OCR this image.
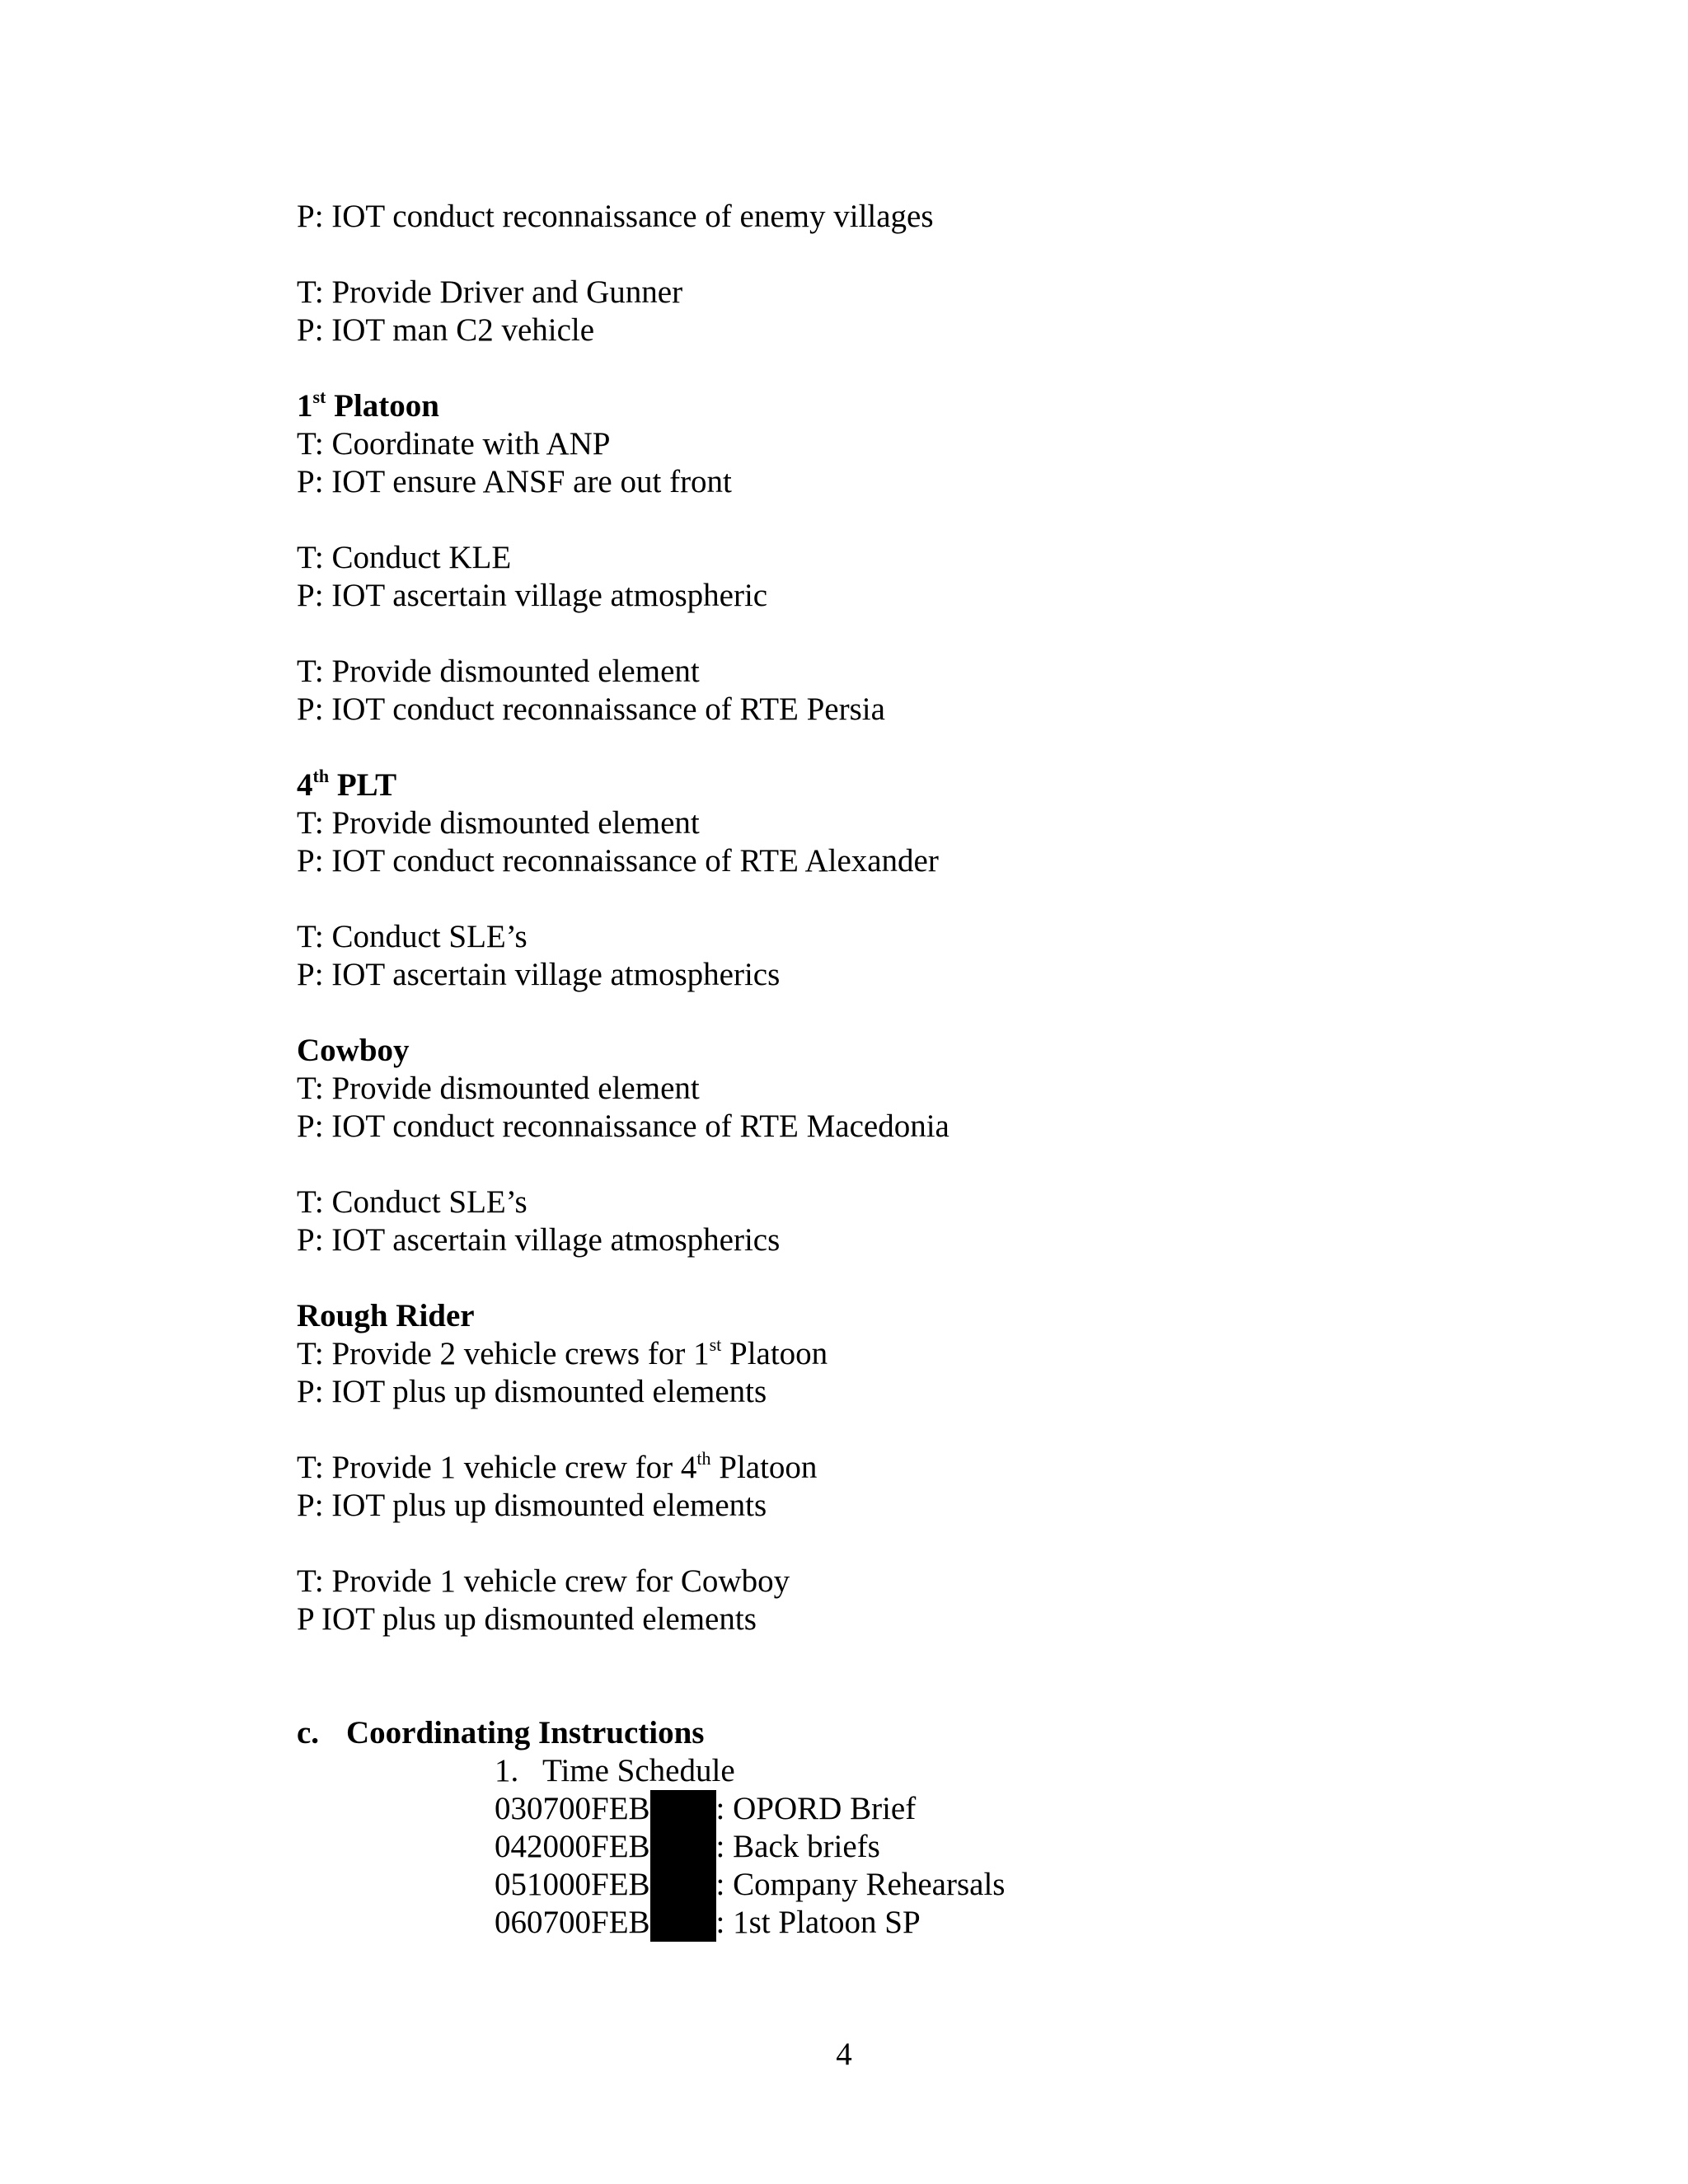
P: IOT conduct reconnaissance of enemy villages
T: Provide Driver and Gunner
P: IOT man C2 vehicle
1st Platoon
T: Coordinate with ANP
P: IOT ensure ANSF are out front
T: Conduct KLE
P: IOT ascertain village atmospheric
T: Provide dismounted element
P: IOT conduct reconnaissance of RTE Persia
4th PLT
T: Provide dismounted element
P: IOT conduct reconnaissance of RTE Alexander
T: Conduct SLE’s
P: IOT ascertain village atmospherics
Cowboy
T: Provide dismounted element
P: IOT conduct reconnaissance of RTE Macedonia
T: Conduct SLE’s
P: IOT ascertain village atmospherics
Rough Rider
T: Provide 2 vehicle crews for 1st Platoon
P: IOT plus up dismounted elements
T: Provide 1 vehicle crew for 4th Platoon
P: IOT plus up dismounted elements
T: Provide 1 vehicle crew for Cowboy
P IOT plus up dismounted elements
c. Coordinating Instructions
1. Time Schedule
030700FEB : OPORD Brief
042000FEB : Back briefs
051000FEB : Company Rehearsals
060700FEB : 1st Platoon SP
4
